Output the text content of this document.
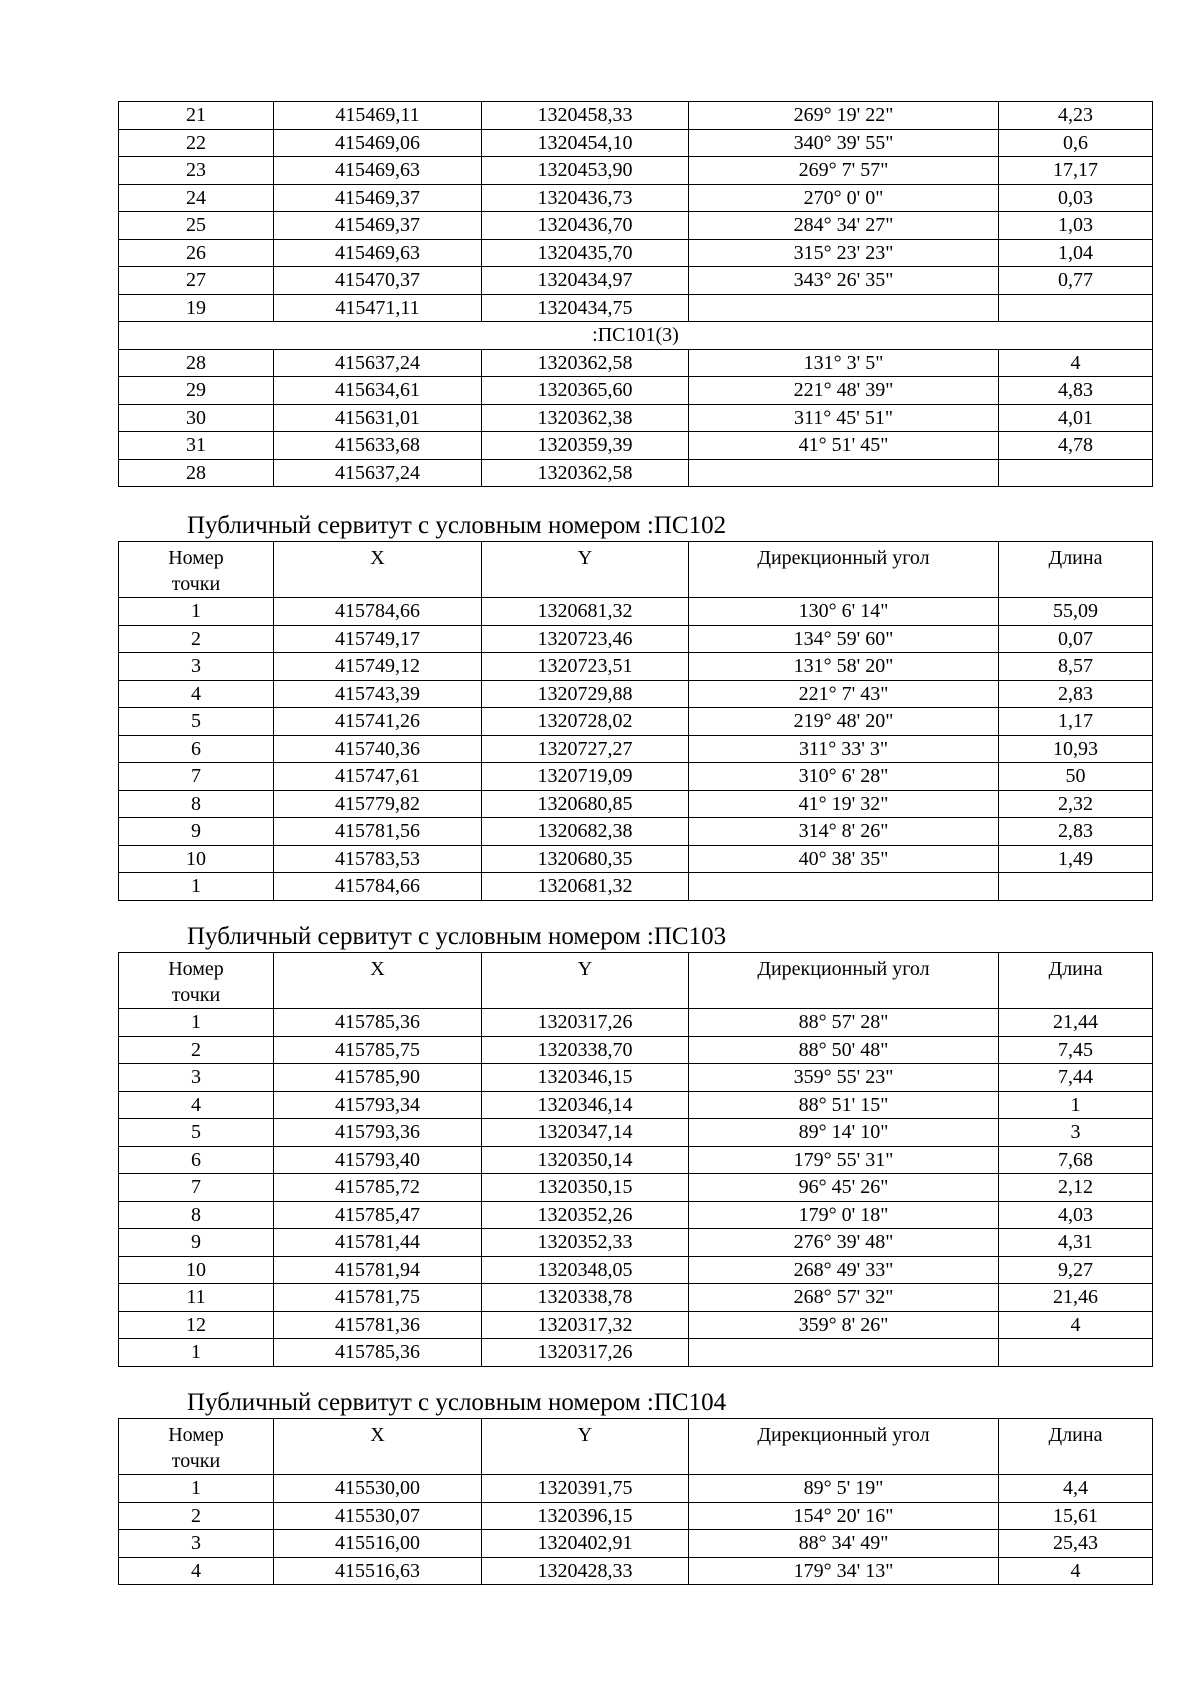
21	415469,11	1320458,33	269° 19' 22"	4,23
22	415469,06	1320454,10	340° 39' 55"	0,6
23	415469,63	1320453,90	269° 7' 57"	17,17
24	415469,37	1320436,73	270° 0' 0"	0,03
25	415469,37	1320436,70	284° 34' 27"	1,03
26	415469,63	1320435,70	315° 23' 23"	1,04
27	415470,37	1320434,97	343° 26' 35"	0,77
19	415471,11	1320434,75		
:ПС101(3)				
28	415637,24	1320362,58	131° 3' 5"	4
29	415634,61	1320365,60	221° 48' 39"	4,83
30	415631,01	1320362,38	311° 45' 51"	4,01
31	415633,68	1320359,39	41° 51' 45"	4,78
28	415637,24	1320362,58		
Публичный сервитут с условным номером :ПС102
Номер точки	X	Y	Дирекционный угол	Длина
1	415784,66	1320681,32	130° 6' 14"	55,09
2	415749,17	1320723,46	134° 59' 60"	0,07
3	415749,12	1320723,51	131° 58' 20"	8,57
4	415743,39	1320729,88	221° 7' 43"	2,83
5	415741,26	1320728,02	219° 48' 20"	1,17
6	415740,36	1320727,27	311° 33' 3"	10,93
7	415747,61	1320719,09	310° 6' 28"	50
8	415779,82	1320680,85	41° 19' 32"	2,32
9	415781,56	1320682,38	314° 8' 26"	2,83
10	415783,53	1320680,35	40° 38' 35"	1,49
1	415784,66	1320681,32		
Публичный сервитут с условным номером :ПС103
Номер точки	X	Y	Дирекционный угол	Длина
1	415785,36	1320317,26	88° 57' 28"	21,44
2	415785,75	1320338,70	88° 50' 48"	7,45
3	415785,90	1320346,15	359° 55' 23"	7,44
4	415793,34	1320346,14	88° 51' 15"	1
5	415793,36	1320347,14	89° 14' 10"	3
6	415793,40	1320350,14	179° 55' 31"	7,68
7	415785,72	1320350,15	96° 45' 26"	2,12
8	415785,47	1320352,26	179° 0' 18"	4,03
9	415781,44	1320352,33	276° 39' 48"	4,31
10	415781,94	1320348,05	268° 49' 33"	9,27
11	415781,75	1320338,78	268° 57' 32"	21,46
12	415781,36	1320317,32	359° 8' 26"	4
1	415785,36	1320317,26		
Публичный сервитут с условным номером :ПС104
Номер точки	X	Y	Дирекционный угол	Длина
1	415530,00	1320391,75	89° 5' 19"	4,4
2	415530,07	1320396,15	154° 20' 16"	15,61
3	415516,00	1320402,91	88° 34' 49"	25,43
4	415516,63	1320428,33	179° 34' 13"	4
